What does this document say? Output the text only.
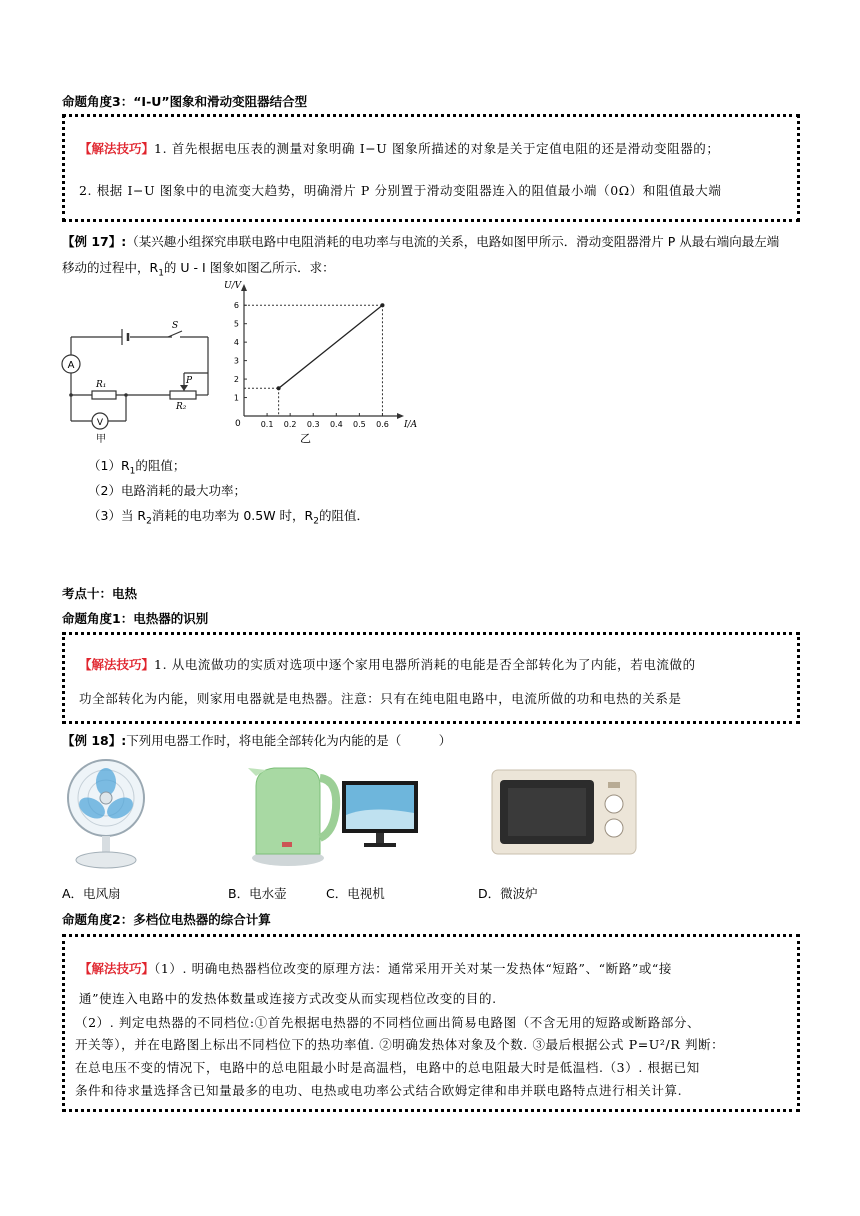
命题角度3：“I-U”图象和滑动变阻器结合型
【解法技巧】1. 首先根据电压表的测量对象明确 I−U 图象所描述的对象是关于定值电阻的还是滑动变阻器的；
2. 根据 I−U 图象中的电流变大趋势，明确滑片 P 分别置于滑动变阻器连入的阻值最小端（0Ω）和阻值最大端
【例 17】:（某兴趣小组探究串联电路中电阻消耗的电功率与电流的关系，电路如图甲所示．滑动变阻器滑片 P 从最右端向最左端
移动的过程中，$R_1$的 U - I 图象如图乙所示．求：
A
V
S
R₁
R₂
P
甲
0.1 0.2 0.3 0.4 0.5 0.6
1
2
3
4
5
6
I/A
U/V
0
乙
$(1)R_1$的阻值；
（2）电路消耗的最大功率；
（3）当 $R_2$消耗的电功率为 0.5W 时，$R_2$的阻值．
考点十：电热
命题角度1：电热器的识别
【解法技巧】1. 从电流做功的实质对选项中逐个家用电器所消耗的电能是否全部转化为了内能，若电流做的
功全部转化为内能，则家用电器就是电热器。注意：只有在纯电阻电路中，电流所做的功和电热的关系是
【例 18】:下列用电器工作时，将电能全部转化为内能的是（　　　）
A．电风扇	B．电水壶	C．电视机	D．微波炉
命题角度2：多档位电热器的综合计算
【解法技巧】（1）. 明确电热器档位改变的原理方法：通常采用开关对某一发热体“短路”、“断路”或“接
通”使连入电路中的发热体数量或连接方式改变从而实现档位改变的目的.
（2）. 判定电热器的不同档位:①首先根据电热器的不同档位画出简易电路图（不含无用的短路或断路部分、
开关等），并在电路图上标出不同档位下的热功率值. ②明确发热体对象及个数. ③最后根据公式 P=U²/R 判断：
在总电压不变的情况下，电路中的总电阻最小时是高温档，电路中的总电阻最大时是低温档.（3）. 根据已知
条件和待求量选择含已知量最多的电功、电热或电功率公式结合欧姆定律和串并联电路特点进行相关计算.
